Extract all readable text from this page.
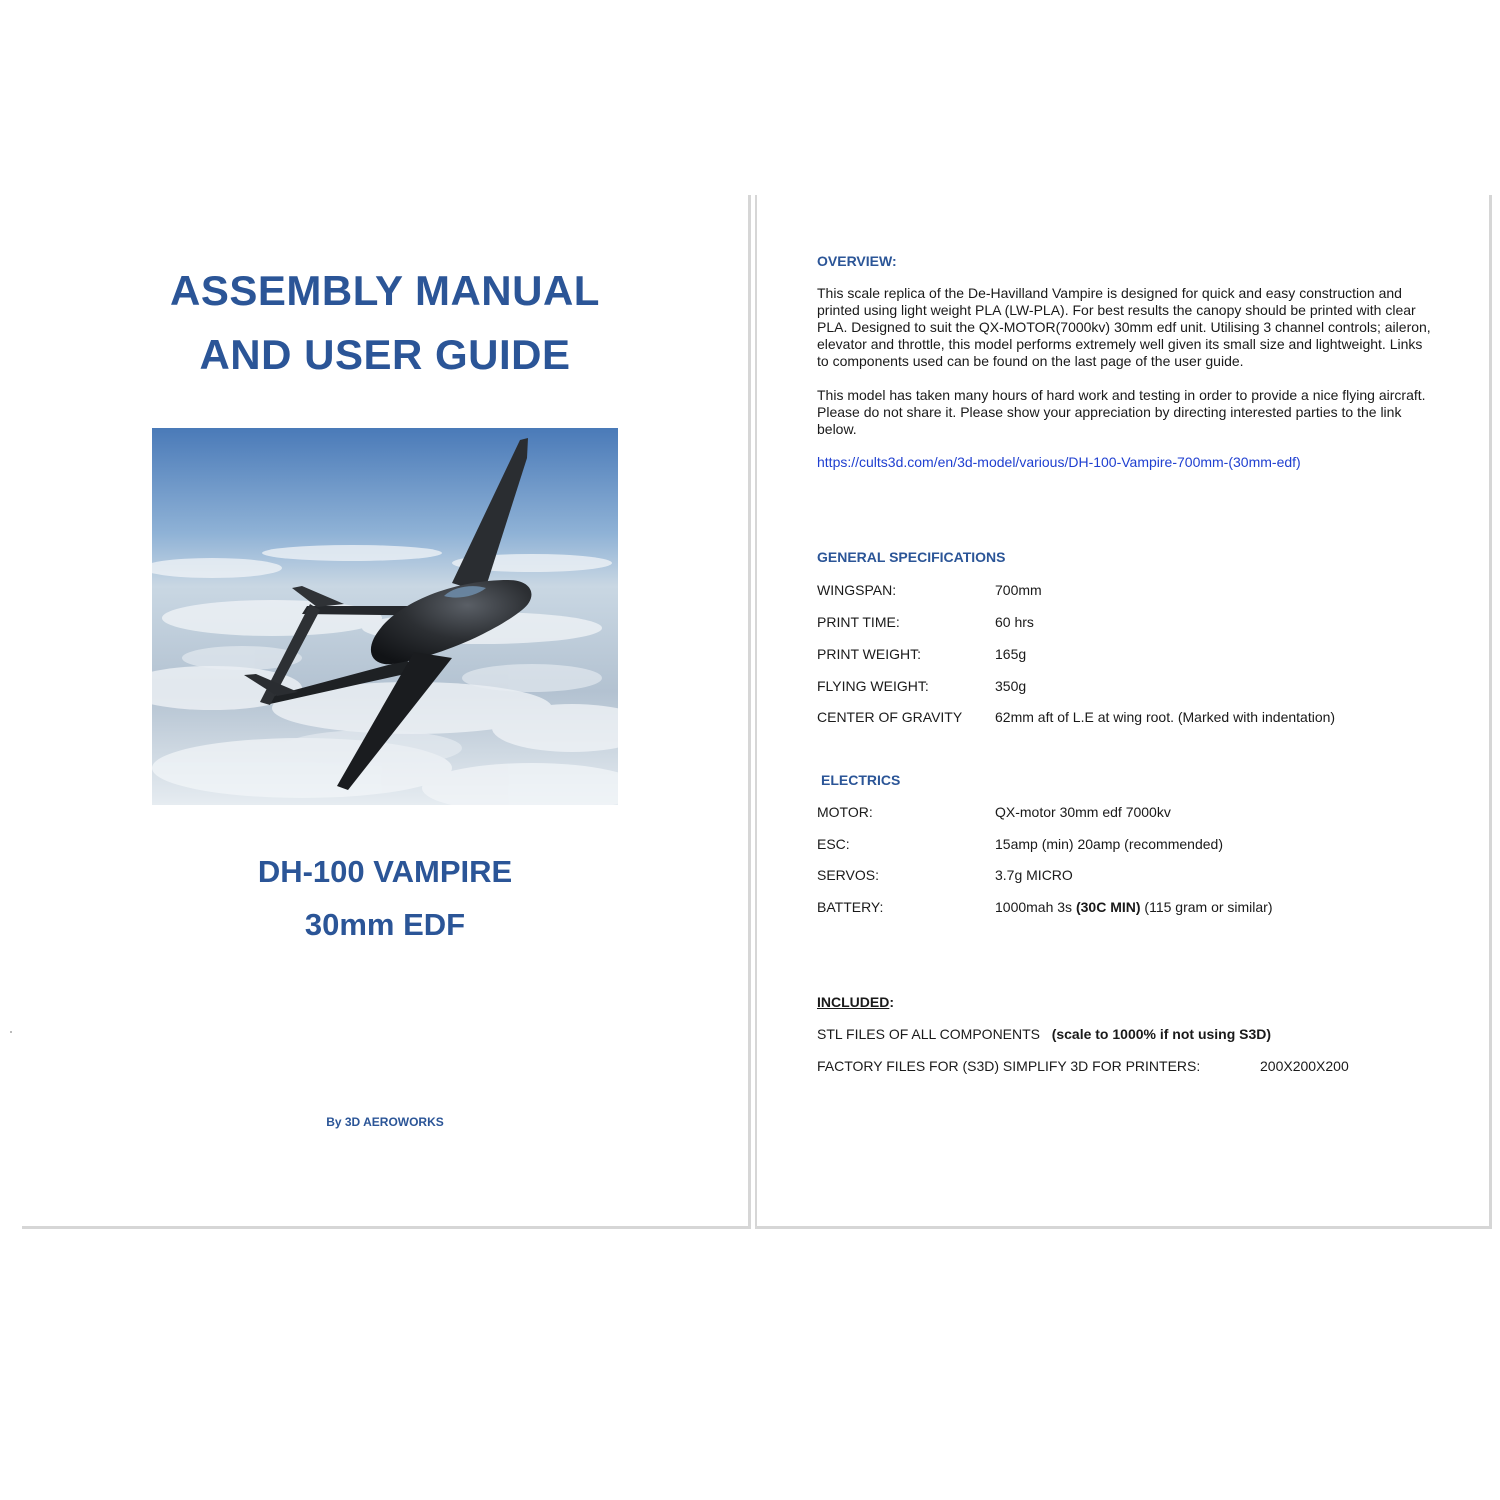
ASSEMBLY MANUAL
AND USER GUIDE
DH-100 VAMPIRE
30mm EDF
By 3D AEROWORKS
OVERVIEW:

This scale replica of the De-Havilland Vampire is designed for quick and easy construction and printed using light weight PLA (LW-PLA). For best results the canopy should be printed with clear PLA. Designed to suit the QX-MOTOR(7000kv) 30mm edf unit. Utilising 3 channel controls; aileron, elevator and throttle, this model performs extremely well given its small size and lightweight. Links to components used can be found on the last page of the user guide.

This model has taken many hours of hard work and testing in order to provide a nice flying aircraft. Please do not share it. Please show your appreciation by directing interested parties to the link below.

https://cults3d.com/en/3d-model/various/DH-100-Vampire-700mm-(30mm-edf)
GENERAL SPECIFICATIONS
WINGSPAN:	700mm
PRINT TIME:	60 hrs
PRINT WEIGHT:	165g
FLYING WEIGHT:	350g
CENTER OF GRAVITY 62mm aft of L.E at wing root. (Marked with indentation)
ELECTRICS
MOTOR:	QX-motor 30mm edf 7000kv
ESC:	15amp (min) 20amp (recommended)
SERVOS:	3.7g MICRO
BATTERY:	1000mah 3s (30C MIN) (115 gram or similar)
INCLUDED:
STL FILES OF ALL COMPONENTS (scale to 1000% if not using S3D)
FACTORY FILES FOR (S3D) SIMPLIFY 3D FOR PRINTERS:	200X200X200
